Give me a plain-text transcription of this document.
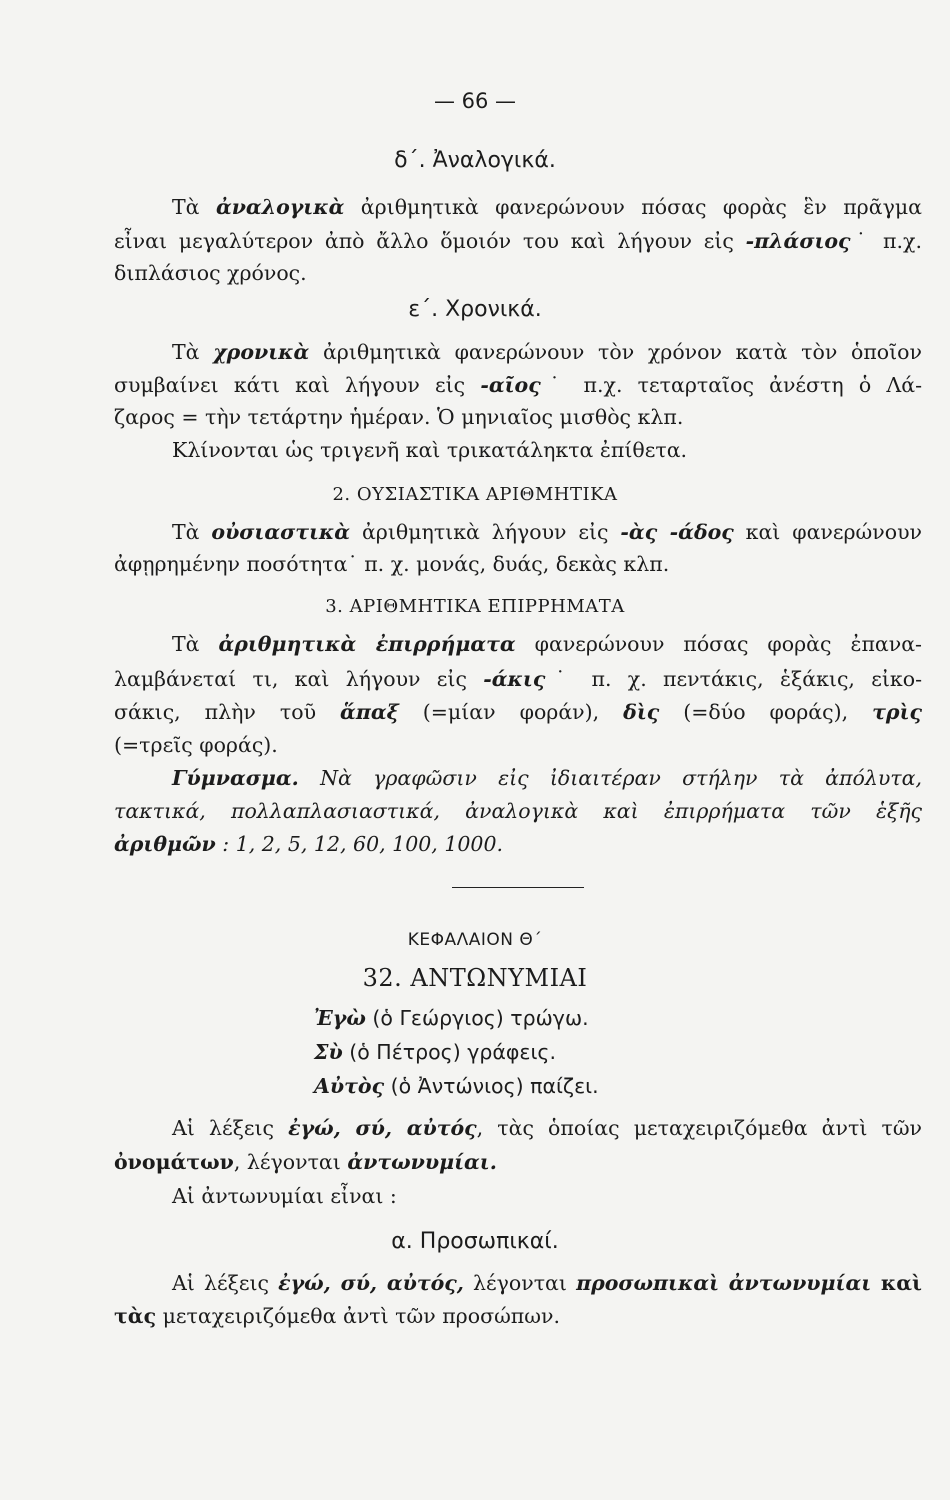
— 66 —
δ΄. Ἀναλογικά.
Τὰ ἀναλογικὰ ἀριθμητικὰ φανερώνουν πόσας φορὰς ἓν πρᾶγμα
εἶναι μεγαλύτερον ἀπὸ ἄλλο ὅμοιόν του καὶ λήγουν εἰς -πλάσιος˙ π.χ.
διπλάσιος χρόνος.
ε΄. Χρονικά.
Τὰ χρονικὰ ἀριθμητικὰ φανερώνουν τὸν χρόνον κατὰ τὸν ὁποῖον
συμβαίνει κάτι καὶ λήγουν εἰς -αῖος˙ π.χ. τεταρταῖος ἀνέστη ὁ Λά-
ζαρος = τὴν τετάρτην ἡμέραν. Ὁ μηνιαῖος μισθὸς κλπ.
Κλίνονται ὡς τριγενῆ καὶ τρικατάληκτα ἐπίθετα.
2. ΟΥΣΙΑΣΤΙΚΑ ΑΡΙΘΜΗΤΙΚΑ
Τὰ οὐσιαστικὰ ἀριθμητικὰ λήγουν εἰς -ὰς -άδος καὶ φανερώνουν
ἀφῃρημένην ποσότητα˙ π. χ. μονάς, δυάς, δεκὰς κλπ.
3. ΑΡΙΘΜΗΤΙΚΑ ΕΠΙΡΡΗΜΑΤΑ
Τὰ ἀριθμητικὰ ἐπιρρήματα φανερώνουν πόσας φορὰς ἐπανα-
λαμβάνεταί τι, καὶ λήγουν εἰς -άκις˙ π. χ. πεντάκις, ἑξάκις, εἰκο-
σάκις, πλὴν τοῦ ἅπαξ (=μίαν φοράν), δὶς (=δύο φοράς), τρὶς
(=τρεῖς φοράς).
Γύμνασμα. Νὰ γραφῶσιν εἰς ἰδιαιτέραν στήλην τὰ ἀπόλυτα,
τακτικά, πολλαπλασιαστικά, ἀναλογικὰ καὶ ἐπιρρήματα τῶν ἑξῆς
ἀριθμῶν : 1, 2, 5, 12, 60, 100, 1000.
ΚΕΦΑΛΑΙΟΝ Θ΄
32. ΑΝΤΩΝΥΜΙΑΙ
Ἐγὼ (ὁ Γεώργιος) τρώγω.
Σὺ (ὁ Πέτρος) γράφεις.
Αὐτὸς (ὁ Ἀντώνιος) παίζει.
Αἱ λέξεις ἐγώ, σύ, αὐτός, τὰς ὁποίας μεταχειριζόμεθα ἀντὶ τῶν
ὀνομάτων, λέγονται ἀντωνυμίαι.
Αἱ ἀντωνυμίαι εἶναι :
α. Προσωπικαί.
Αἱ λέξεις ἐγώ, σύ, αὐτός, λέγονται προσωπικαὶ ἀντωνυμίαι καὶ
τὰς μεταχειριζόμεθα ἀντὶ τῶν προσώπων.
